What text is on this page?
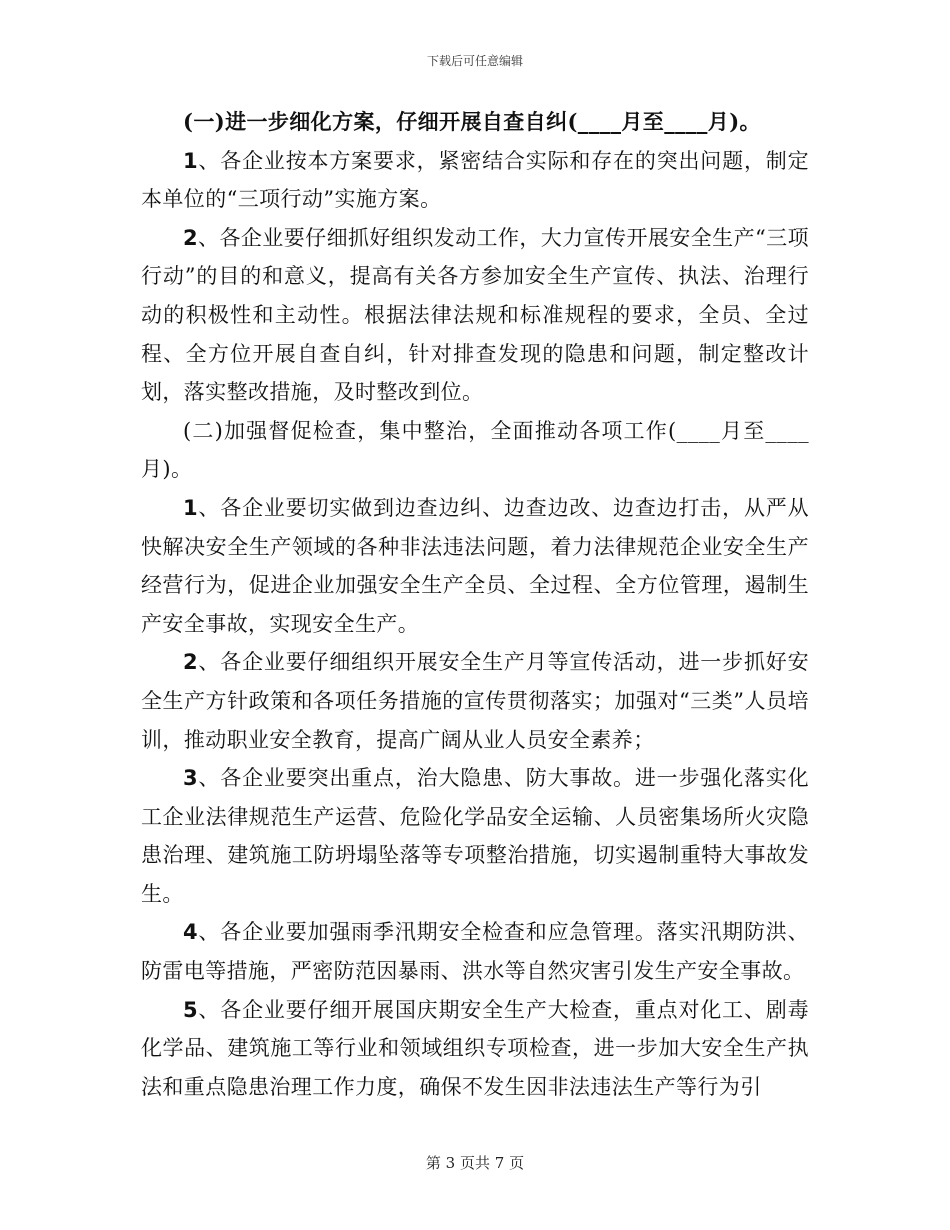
下载后可任意编辑

(一)进一步细化方案，仔细开展自查自纠(____月至____月)。

1、各企业按本方案要求，紧密结合实际和存在的突出问题，制定本单位的“三项行动”实施方案。

2、各企业要仔细抓好组织发动工作，大力宣传开展安全生产“三项行动”的目的和意义，提高有关各方参加安全生产宣传、执法、治理行动的积极性和主动性。根据法律法规和标准规程的要求，全员、全过程、全方位开展自查自纠，针对排查发现的隐患和问题，制定整改计划，落实整改措施，及时整改到位。

(二)加强督促检查，集中整治，全面推动各项工作(____月至____月)。

1、各企业要切实做到边查边纠、边查边改、边查边打击，从严从快解决安全生产领域的各种非法违法问题，着力法律规范企业安全生产经营行为，促进企业加强安全生产全员、全过程、全方位管理，遏制生产安全事故，实现安全生产。

2、各企业要仔细组织开展安全生产月等宣传活动，进一步抓好安全生产方针政策和各项任务措施的宣传贯彻落实；加强对“三类”人员培训，推动职业安全教育，提高广阔从业人员安全素养；

3、各企业要突出重点，治大隐患、防大事故。进一步强化落实化工企业法律规范生产运营、危险化学品安全运输、人员密集场所火灾隐患治理、建筑施工防坍塌坠落等专项整治措施，切实遏制重特大事故发生。

4、各企业要加强雨季汛期安全检查和应急管理。落实汛期防洪、防雷电等措施，严密防范因暴雨、洪水等自然灾害引发生产安全事故。

5、各企业要仔细开展国庆期安全生产大检查，重点对化工、剧毒化学品、建筑施工等行业和领域组织专项检查，进一步加大安全生产执法和重点隐患治理工作力度，确保不发生因非法违法生产等行为引

第 3 页共 7 页
